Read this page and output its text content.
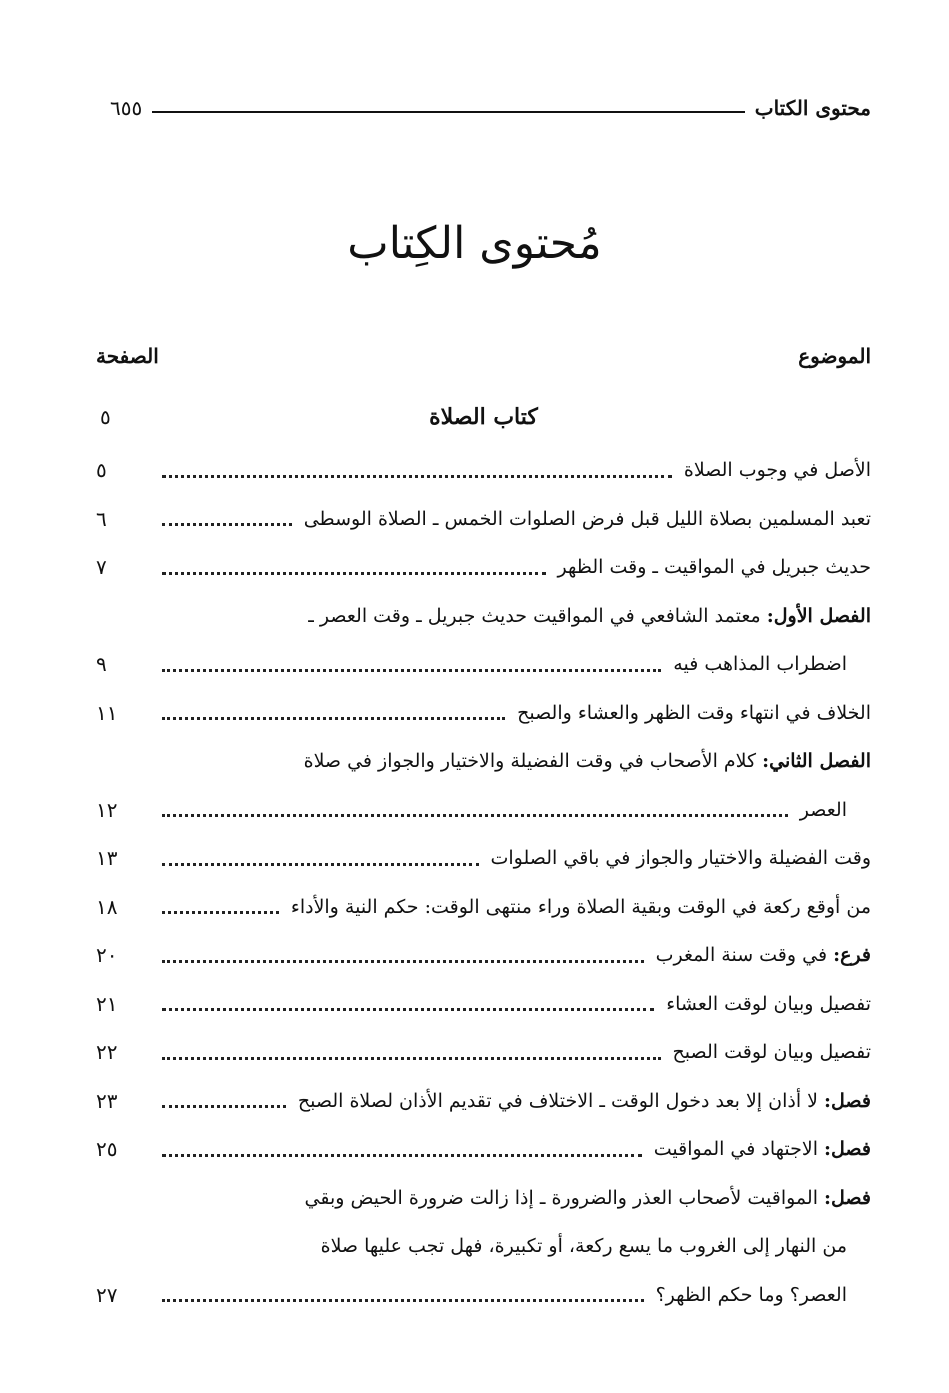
محتوى الكتاب
٦٥٥
مُحتوى الكِتاب
الموضوع
الصفحة
كتاب الصلاة
٥
الأصل في وجوب الصلاة
٥
تعبد المسلمين بصلاة الليل قبل فرض الصلوات الخمس ـ الصلاة الوسطى
٦
حديث جبريل في المواقيت ـ وقت الظهر
٧
الفصل الأول: معتمد الشافعي في المواقيت حديث جبريل ـ وقت العصر ـ
اضطراب المذاهب فيه
٩
الخلاف في انتهاء وقت الظهر والعشاء والصبح
١١
الفصل الثاني: كلام الأصحاب في وقت الفضيلة والاختيار والجواز في صلاة
العصر
١٢
وقت الفضيلة والاختيار والجواز في باقي الصلوات
١٣
من أوقع ركعة في الوقت وبقية الصلاة وراء منتهى الوقت: حكم النية والأداء
١٨
فرع: في وقت سنة المغرب
٢٠
تفصيل وبيان لوقت العشاء
٢١
تفصيل وبيان لوقت الصبح
٢٢
فصل: لا أذان إلا بعد دخول الوقت ـ الاختلاف في تقديم الأذان لصلاة الصبح
٢٣
فصل: الاجتهاد في المواقيت
٢٥
فصل: المواقيت لأصحاب العذر والضرورة ـ إذا زالت ضرورة الحيض وبقي
من النهار إلى الغروب ما يسع ركعة، أو تكبيرة، فهل تجب عليها صلاة
العصر؟ وما حكم الظهر؟
٢٧
